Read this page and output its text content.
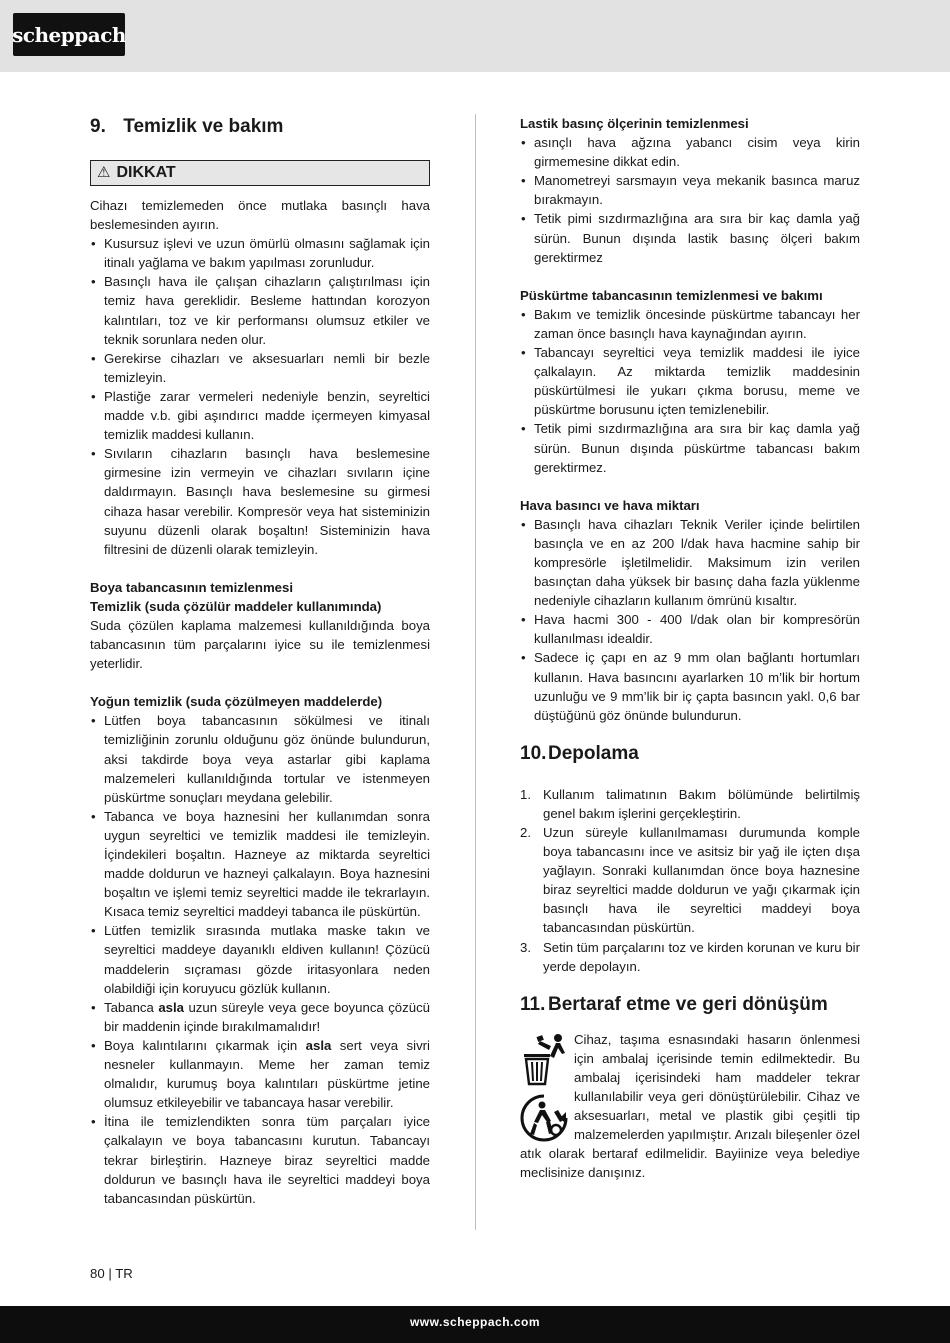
scheppach
9. Temizlik ve bakım
⚠ DIKKAT

Cihazı temizlemeden önce mutlaka basınçlı hava beslemesinden ayırın.

• Kusursuz işlevi ve uzun ömürlü olmasını sağlamak için itinalı yağlama ve bakım yapılması zorunludur.
• Basınçlı hava ile çalışan cihazların çalıştırılması için temiz hava gereklidir. Besleme hattından korozyon kalıntıları, toz ve kir performansı olumsuz etkiler ve teknik sorunlara neden olur.
• Gerekirse cihazları ve aksesuarları nemli bir bezle temizleyin.
• Plastiğe zarar vermeleri nedeniyle benzin, seyreltici madde v.b. gibi aşındırıcı madde içermeyen kimyasal temizlik maddesi kullanın.
• Sıvıların cihazların basınçlı hava beslemesine girmesine izin vermeyin ve cihazları sıvıların içine daldırmayın. Basınçlı hava beslemesine su girmesi cihaza hasar verebilir. Kompresör veya hat sisteminizin suyunu düzenli olarak boşaltın! Sisteminizin hava filtresini de düzenli olarak temizleyin.

Boya tabancasının temizlenmesi

Temizlik (suda çözülür maddeler kullanımında)

Suda çözülen kaplama malzemesi kullanıldığında boya tabancasının tüm parçalarını iyice su ile temizlenmesi yeterlidir.

Yoğun temizlik (suda çözülmeyen maddelerde)

• Lütfen boya tabancasının sökülmesi ve itinalı temizliğinin zorunlu olduğunu göz önünde bulundurun, aksi takdirde boya veya astarlar gibi kaplama malzemeleri kullanıldığında tortular ve istenmeyen püskürtme sonuçları meydana gelebilir.
• Tabanca ve boya haznesini her kullanımdan sonra uygun seyreltici ve temizlik maddesi ile temizleyin. İçindekileri boşaltın. Hazneye az miktarda seyreltici madde doldurun ve hazneyi çalkalayın. Boya haznesini boşaltın ve işlemi temiz seyreltici madde ile tekrarlayın. Kısaca temiz seyreltici maddeyi tabanca ile püskürtün.
• Lütfen temizlik sırasında mutlaka maske takın ve seyreltici maddeye dayanıklı eldiven kullanın! Çözücü maddelerin sıçraması gözde iritasyonlara neden olabildiği için koruyucu gözlük kullanın.
• Tabanca asla uzun süreyle veya gece boyunca çözücü bir maddenin içinde bırakılmamalıdır!
• Boya kalıntılarını çıkarmak için asla sert veya sivri nesneler kullanmayın. Meme her zaman temiz olmalıdır, kurumuş boya kalıntıları püskürtme jetine olumsuz etkileyebilir ve tabancaya hasar verebilir.
• İtina ile temizlendikten sonra tüm parçaları iyice çalkalayın ve boya tabancasını kurutun. Tabancayı tekrar birleştirin. Hazneye biraz seyreltici madde doldurun ve basınçlı hava ile seyreltici maddeyi boya tabancasından püskürtün.

Lastik basınç ölçerinin temizlenmesi

• asınçlı hava ağzına yabancı cisim veya kirin girmemesine dikkat edin.
• Manometreyi sarsmayın veya mekanik basınca maruz bırakmayın.
• Tetik pimi sızdırmazlığına ara sıra bir kaç damla yağ sürün. Bunun dışında lastik basınç ölçeri bakım gerektirmez

Püskürtme tabancasının temizlenmesi ve bakımı

• Bakım ve temizlik öncesinde püskürtme tabancayı her zaman önce basınçlı hava kaynağından ayırın.
• Tabancayı seyreltici veya temizlik maddesi ile iyice çalkalayın. Az miktarda temizlik maddesinin püskürtülmesi ile yukarı çıkma borusu, meme ve püskürtme borusunu içten temizlenebilir.
• Tetik pimi sızdırmazlığına ara sıra bir kaç damla yağ sürün. Bunun dışında püskürtme tabancası bakım gerektirmez.

Hava basıncı ve hava miktarı

• Basınçlı hava cihazları Teknik Veriler içinde belirtilen basınçla ve en az 200 l/dak hava hacmine sahip bir kompresörle işletilmelidir. Maksimum izin verilen basınçtan daha yüksek bir basınç daha fazla yüklenme nedeniyle cihazların kullanım ömrünü kısaltır.
• Hava hacmi 300 - 400 l/dak olan bir kompresörün kullanılması idealdir.
• Sadece iç çapı en az 9 mm olan bağlantı hortumları kullanın. Hava basıncını ayarlarken 10 m’lik bir hortum uzunluğu ve 9 mm’lik bir iç çapta basıncın yakl. 0,6 bar düştüğünü göz önünde bulundurun.
10.Depolama
1. Kullanım talimatının Bakım bölümünde belirtilmiş genel bakım işlerini gerçekleştirin.
2. Uzun süreyle kullanılmaması durumunda komple boya tabancasını ince ve asitsiz bir yağ ile içten dışa yağlayın. Sonraki kullanımdan önce boya haznesine biraz seyreltici madde doldurun ve yağı çıkarmak için basınçlı hava ile seyreltici maddeyi boya tabancasından püskürtün.
3. Setin tüm parçalarını toz ve kirden korunan ve kuru bir yerde depolayın.
11. Bertaraf etme ve geri dönüşüm

Cihaz, taşıma esnasındaki hasarın önlenmesi için ambalaj içerisinde temin edilmektedir. Bu ambalaj içerisindeki ham maddeler tekrar kullanılabilir veya geri dönüştürülebilir. Cihaz ve aksesuarları, metal ve plastik gibi çeşitli tip malzemelerden yapılmıştır. Arızalı bileşenler özel atık olarak bertaraf edilmelidir. Bayiinize veya belediye meclisinize danışınız.

80 | TR
www.scheppach.com
